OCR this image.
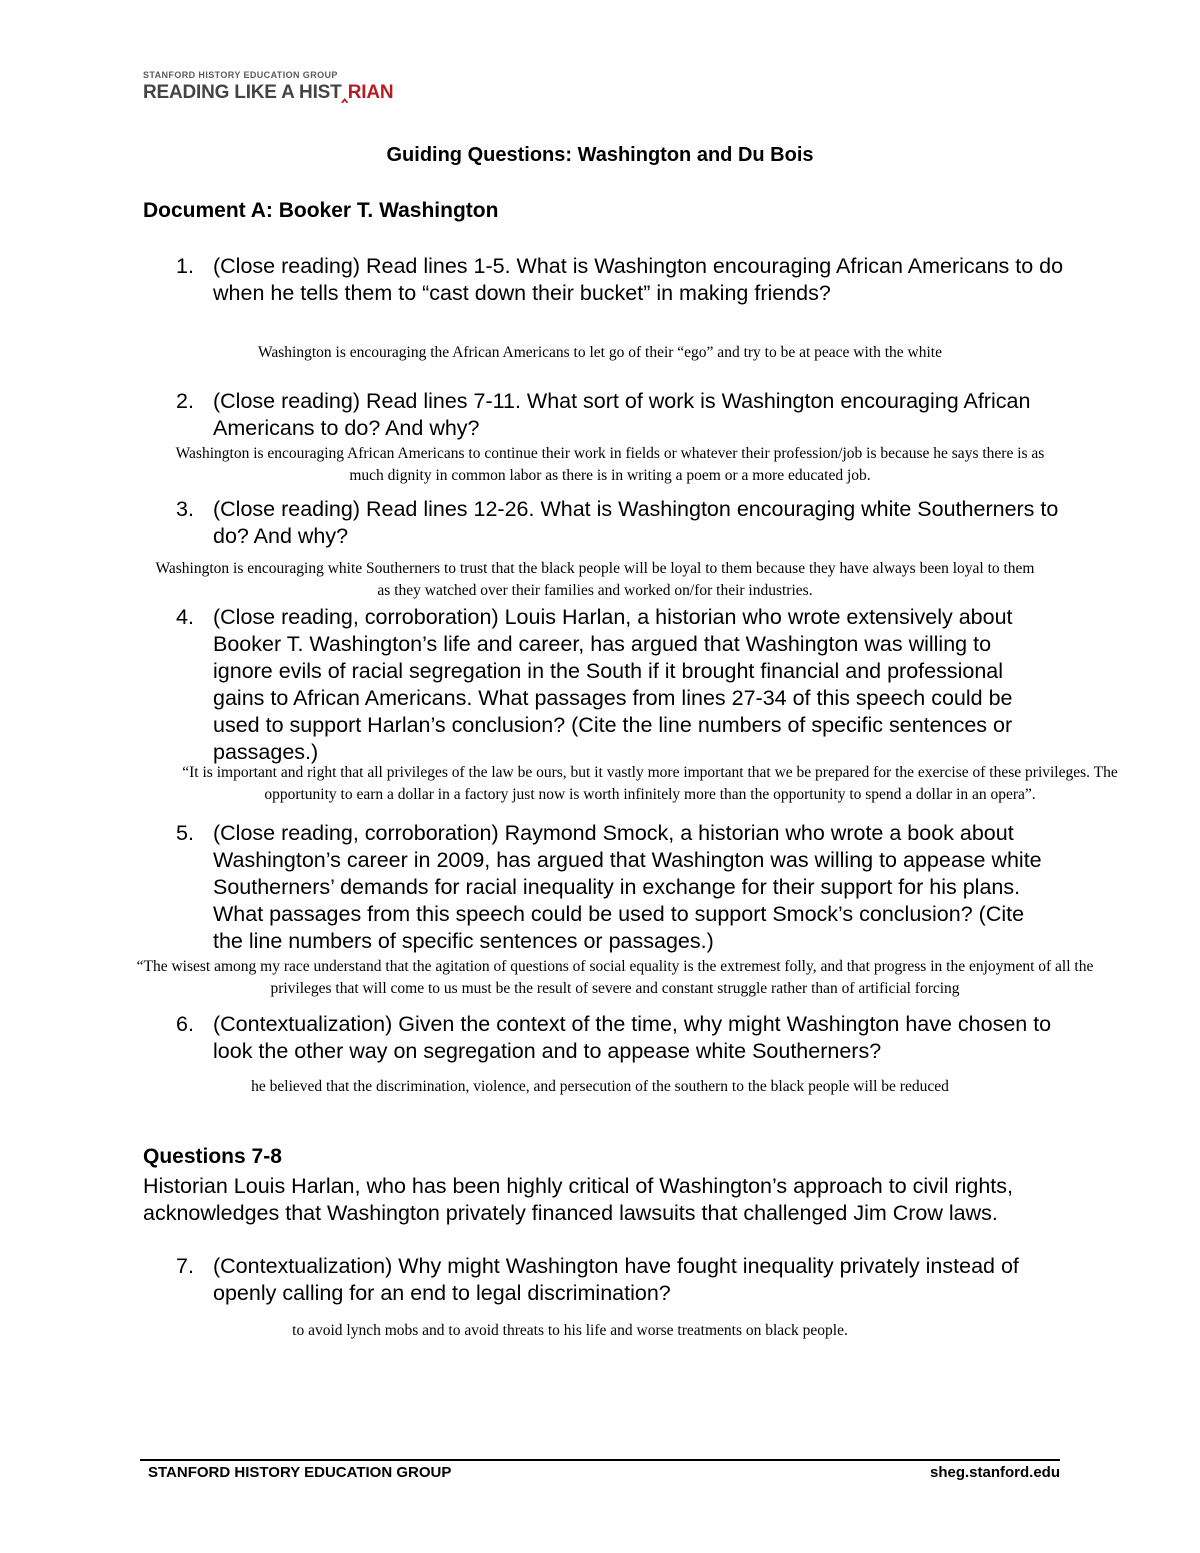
STANFORD HISTORY EDUCATION GROUP
READING LIKE A HIST‸RIAN
Guiding Questions: Washington and Du Bois
Document A: Booker T. Washington
1. (Close reading) Read lines 1-5. What is Washington encouraging African Americans to do when he tells them to “cast down their bucket” in making friends?
Washington is encouraging the African Americans to let go of their “ego” and try to be at peace with the white
2. (Close reading) Read lines 7-11. What sort of work is Washington encouraging African Americans to do? And why?
Washington is encouraging African Americans to continue their work in fields or whatever their profession/job is because he says there is as much dignity in common labor as there is in writing a poem or a more educated job.
3. (Close reading) Read lines 12-26. What is Washington encouraging white Southerners to do? And why?
Washington is encouraging white Southerners to trust that the black people will be loyal to them because they have always been loyal to them as they watched over their families and worked on/for their industries.
4. (Close reading, corroboration) Louis Harlan, a historian who wrote extensively about Booker T. Washington’s life and career, has argued that Washington was willing to ignore evils of racial segregation in the South if it brought financial and professional gains to African Americans. What passages from lines 27-34 of this speech could be used to support Harlan’s conclusion? (Cite the line numbers of specific sentences or passages.)
“It is important and right that all privileges of the law be ours, but it vastly more important that we be prepared for the exercise of these privileges. The opportunity to earn a dollar in a factory just now is worth infinitely more than the opportunity to spend a dollar in an opera”.
5. (Close reading, corroboration) Raymond Smock, a historian who wrote a book about Washington’s career in 2009, has argued that Washington was willing to appease white Southerners’ demands for racial inequality in exchange for their support for his plans. What passages from this speech could be used to support Smock’s conclusion? (Cite the line numbers of specific sentences or passages.)
“The wisest among my race understand that the agitation of questions of social equality is the extremest folly, and that progress in the enjoyment of all the privileges that will come to us must be the result of severe and constant struggle rather than of artificial forcing
6. (Contextualization) Given the context of the time, why might Washington have chosen to look the other way on segregation and to appease white Southerners?
he believed that the discrimination, violence, and persecution of the southern to the black people will be reduced
Questions 7-8
Historian Louis Harlan, who has been highly critical of Washington’s approach to civil rights, acknowledges that Washington privately financed lawsuits that challenged Jim Crow laws.
7. (Contextualization) Why might Washington have fought inequality privately instead of openly calling for an end to legal discrimination?
to avoid lynch mobs and to avoid threats to his life and worse treatments on black people.
STANFORD HISTORY EDUCATION GROUP	sheg.stanford.edu
